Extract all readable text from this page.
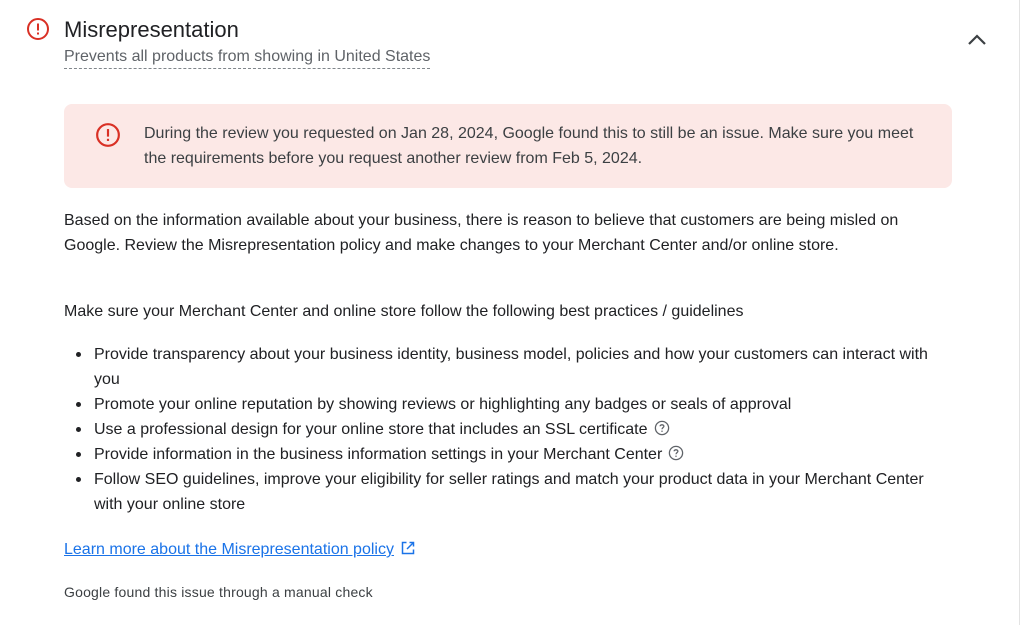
Misrepresentation
Prevents all products from showing in United States
During the review you requested on Jan 28, 2024, Google found this to still be an issue. Make sure you meet the requirements before you request another review from Feb 5, 2024.
Based on the information available about your business, there is reason to believe that customers are being misled on Google. Review the Misrepresentation policy and make changes to your Merchant Center and/or online store.
Make sure your Merchant Center and online store follow the following best practices / guidelines
Provide transparency about your business identity, business model, policies and how your customers can interact with you
Promote your online reputation by showing reviews or highlighting any badges or seals of approval
Use a professional design for your online store that includes an SSL certificate
Provide information in the business information settings in your Merchant Center
Follow SEO guidelines, improve your eligibility for seller ratings and match your product data in your Merchant Center with your online store
Learn more about the Misrepresentation policy
Google found this issue through a manual check
